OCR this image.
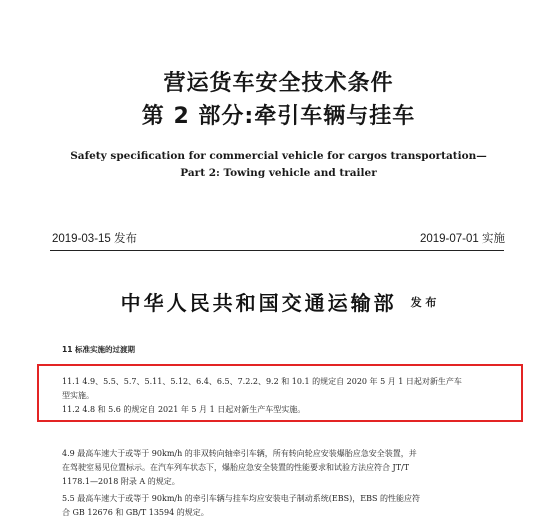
营运货车安全技术条件
第 2 部分:牵引车辆与挂车
Safety specification for commercial vehicle for cargos transportation—
Part 2: Towing vehicle and trailer
2019-03-15 发布	2019-07-01 实施
中华人民共和国交通运输部 发 布
11 标准实施的过渡期
11.1 4.9、5.5、5.7、5.11、5.12、6.4、6.5、7.2.2、9.2 和 10.1 的规定自 2020 年 5 月 1 日起对新生产车
型实施。
11.2 4.8 和 5.6 的规定自 2021 年 5 月 1 日起对新生产车型实施。
4.9 最高车速大于或等于 90km/h 的非双转向轴牵引车辆，所有转向轮应安装爆胎应急安全装置，并
在驾驶室易见位置标示。在汽车列车状态下，爆胎应急安全装置的性能要求和试验方法应符合 JT/T
1178.1—2018 附录 A 的规定。
5.5 最高车速大于或等于 90km/h 的牵引车辆与挂车均应安装电子制动系统(EBS)，EBS 的性能应符
合 GB 12676 和 GB/T 13594 的规定。
